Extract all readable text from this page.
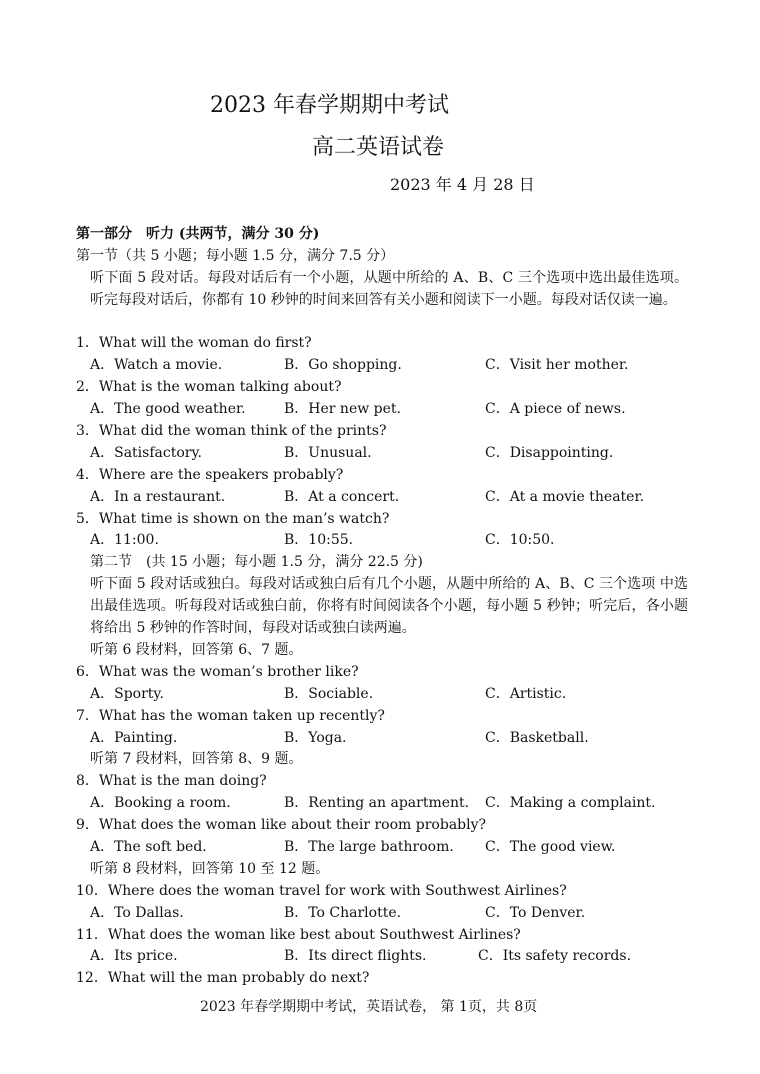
2023 年春学期期中考试
高二英语试卷
2023 年 4 月 28 日
第一部分　听力 (共两节，满分 30 分)
第一节（共 5 小题；每小题 1.5 分，满分 7.5 分）
听下面 5 段对话。每段对话后有一个小题，从题中所给的 A、B、C 三个选项中选出最佳选项。听完每段对话后，你都有 10 秒钟的时间来回答有关小题和阅读下一小题。每段对话仅读一遍。
1．What will the woman do first?
A．Watch a movie.	B．Go shopping.	C．Visit her mother.
2．What is the woman talking about?
A．The good weather.	B．Her new pet.	C．A piece of news.
3．What did the woman think of the prints?
A．Satisfactory.	B．Unusual.	C．Disappointing.
4．Where are the speakers probably?
A．In a restaurant.	B．At a concert.	C．At a movie theater.
5．What time is shown on the man’s watch?
A．11:00.	B．10:55.	C．10:50.
第二节　(共 15 小题；每小题 1.5 分，满分 22.5 分)
听下面 5 段对话或独白。每段对话或独白后有几个小题，从题中所给的 A、B、C 三个选项 中选出最佳选项。听每段对话或独白前，你将有时间阅读各个小题，每小题 5 秒钟；听完后，各小题将给出 5 秒钟的作答时间，每段对话或独白读两遍。
听第 6 段材料，回答第 6、7 题。
6．What was the woman’s brother like?
A．Sporty.	B．Sociable.	C．Artistic.
7．What has the woman taken up recently?
A．Painting.	B．Yoga.	C．Basketball.
听第 7 段材料，回答第 8、9 题。
8．What is the man doing?
A．Booking a room.	B．Renting an apartment. C．Making a complaint.
9．What does the woman like about their room probably?
A．The soft bed.	B．The large bathroom. C．The good view.
听第 8 段材料，回答第 10 至 12 题。
10．Where does the woman travel for work with Southwest Airlines?
A．To Dallas.	B．To Charlotte.	C．To Denver.
11．What does the woman like best about Southwest Airlines?
A．Its price.	B．Its direct flights.	C．Its safety records.
12．What will the man probably do next?
2023 年春学期期中考试，英语试卷， 第 1页，共 8页
